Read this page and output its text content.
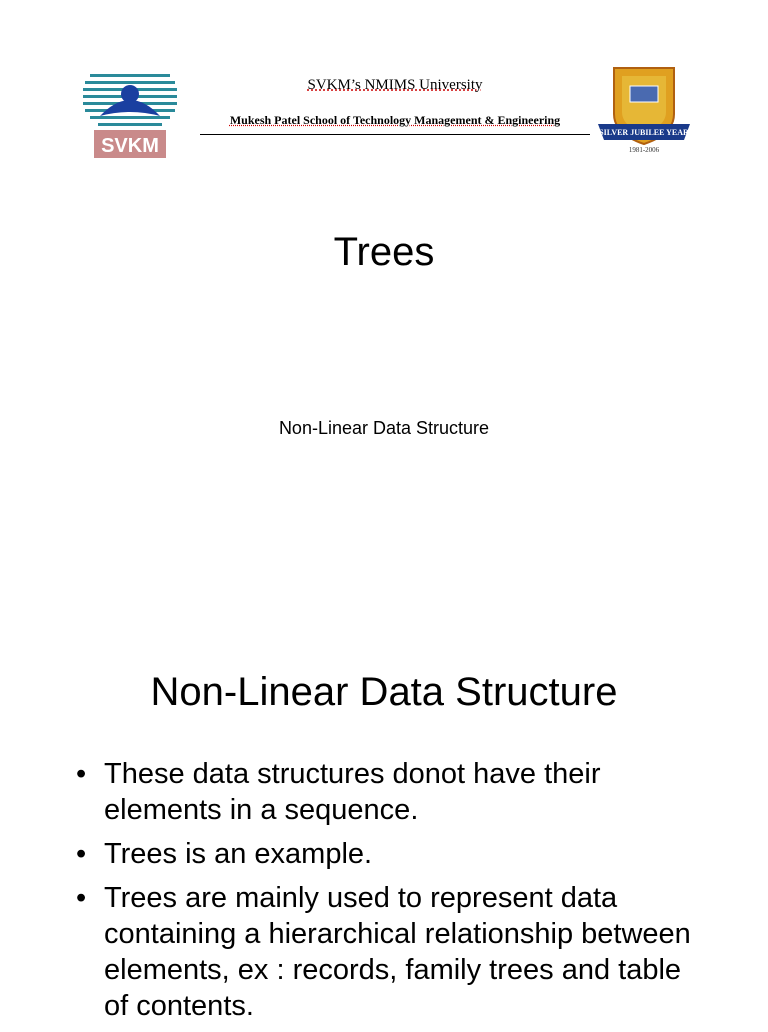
SVKM
SVKM’s NMIMS University
Mukesh Patel School of Technology Management & Engineering
SILVER JUBILEE YEAR
1981-2006
Trees
Non-Linear Data Structure
Non-Linear Data Structure
• These data structures donot have their elements in a sequence.
• Trees is an example.
• Trees are mainly used to represent data containing a hierarchical relationship between elements, ex : records, family trees and table of contents.
